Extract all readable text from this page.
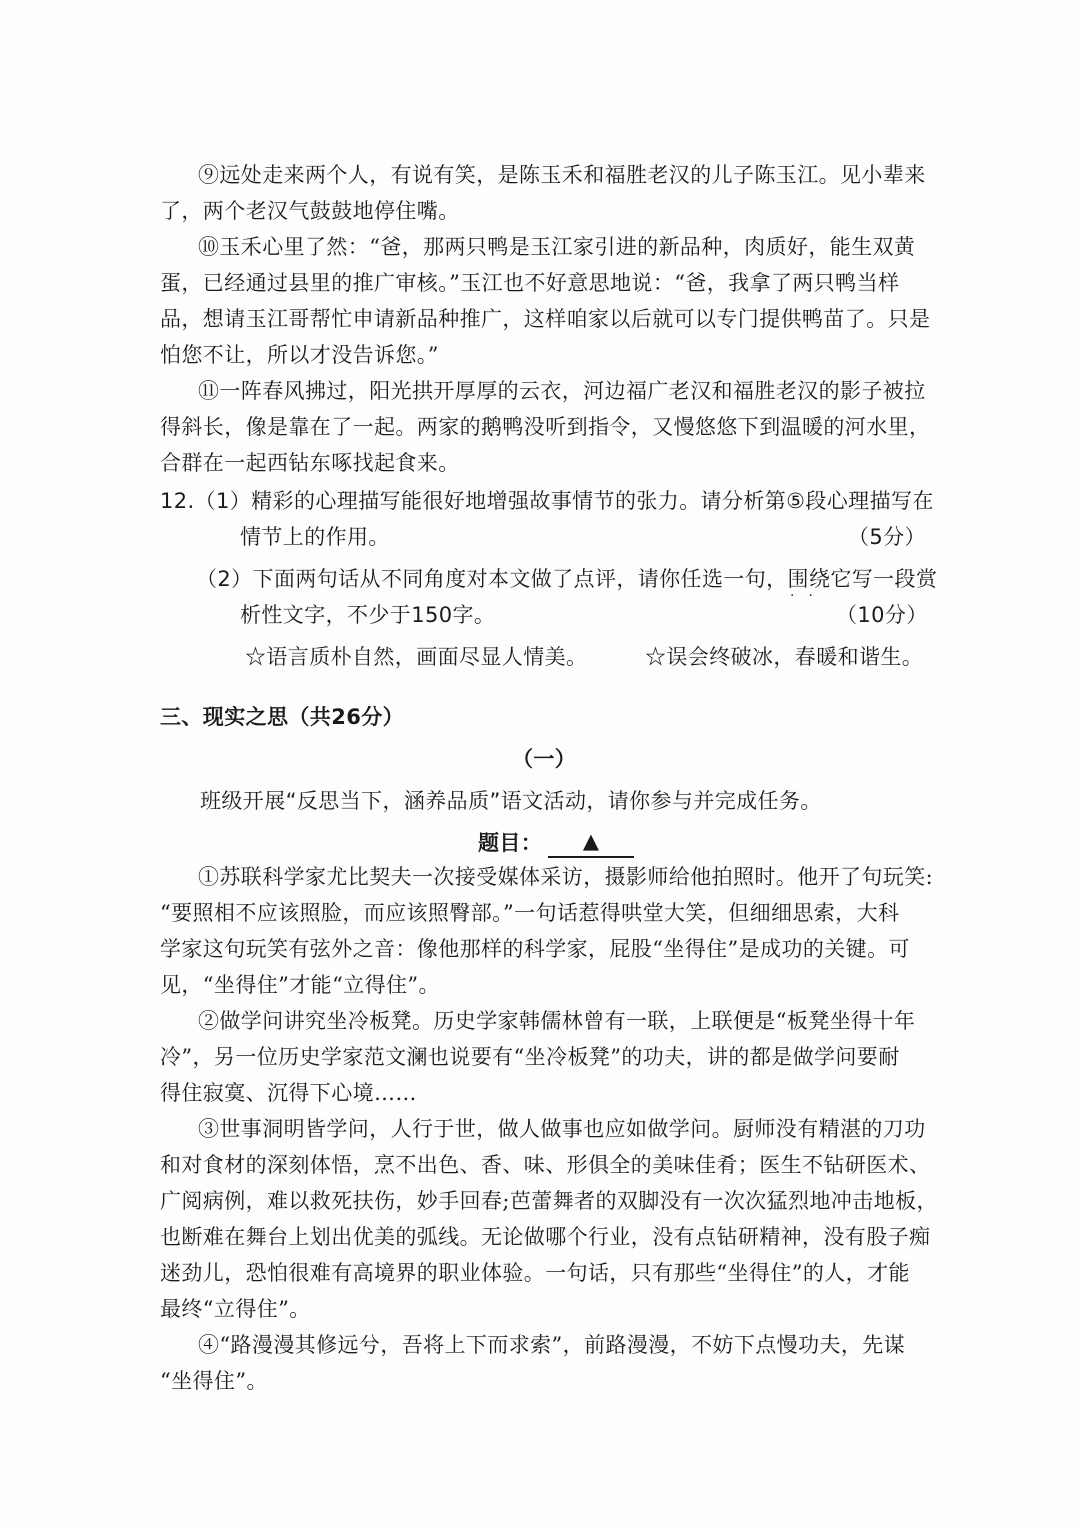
⑨远处走来两个人，有说有笑，是陈玉禾和福胜老汉的儿子陈玉江。见小辈来
了，两个老汉气鼓鼓地停住嘴。
⑩玉禾心里了然：“爸，那两只鸭是玉江家引进的新品种，肉质好，能生双黄
蛋，已经通过县里的推广审核。”玉江也不好意思地说：“爸，我拿了两只鸭当样
品，想请玉江哥帮忙申请新品种推广，这样咱家以后就可以专门提供鸭苗了。只是
怕您不让，所以才没告诉您。”
⑪一阵春风拂过，阳光拱开厚厚的云衣，河边福广老汉和福胜老汉的影子被拉
得斜长，像是靠在了一起。两家的鹅鸭没听到指令，又慢悠悠下到温暖的河水里，
合群在一起西钻东啄找起食来。
12.（1）精彩的心理描写能很好地增强故事情节的张力。请分析第⑤段心理描写在
情节上的作用。	（5分）
（2）下面两句话从不同角度对本文做了点评，请你任选一句，围绕它写一段赏
··
析性文字，不少于150字。	（10分）
☆语言质朴自然，画面尽显人情美。	☆误会终破冰，春暖和谐生。
三、现实之思（共26分）
（一）
班级开展“反思当下，涵养品质”语文活动，请你参与并完成任务。
题目： ▲
①苏联科学家尤比契夫一次接受媒体采访，摄影师给他拍照时。他开了句玩笑:
“要照相不应该照脸，而应该照臀部。”一句话惹得哄堂大笑，但细细思索，大科
学家这句玩笑有弦外之音：像他那样的科学家，屁股“坐得住”是成功的关键。可
见，“坐得住”才能“立得住”。
②做学问讲究坐冷板凳。历史学家韩儒林曾有一联，上联便是“板凳坐得十年
冷”，另一位历史学家范文澜也说要有“坐冷板凳”的功夫，讲的都是做学问要耐
得住寂寞、沉得下心境……
③世事洞明皆学问，人行于世，做人做事也应如做学问。厨师没有精湛的刀功
和对食材的深刻体悟，烹不出色、香、味、形俱全的美味佳肴；医生不钻研医术、
广阅病例，难以救死扶伤，妙手回春;芭蕾舞者的双脚没有一次次猛烈地冲击地板，
也断难在舞台上划出优美的弧线。无论做哪个行业，没有点钻研精神，没有股子痴
迷劲儿，恐怕很难有高境界的职业体验。一句话，只有那些“坐得住”的人，才能
最终“立得住”。
④“路漫漫其修远兮，吾将上下而求索”，前路漫漫，不妨下点慢功夫，先谋
“坐得住”。
